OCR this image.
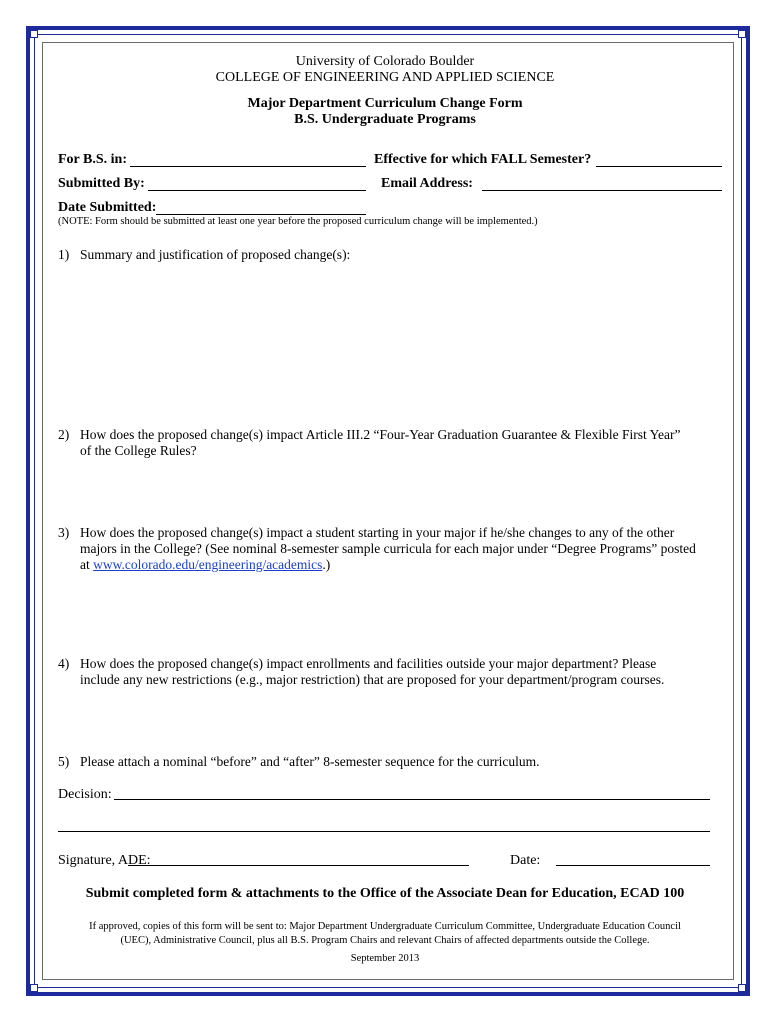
University of Colorado Boulder
COLLEGE OF ENGINEERING AND APPLIED SCIENCE
Major Department Curriculum Change Form
B.S. Undergraduate Programs
For B.S. in:	Effective for which FALL Semester?
Submitted By:	Email Address:
Date Submitted:
(NOTE: Form should be submitted at least one year before the proposed curriculum change will be implemented.)
1) Summary and justification of proposed change(s):
2) How does the proposed change(s) impact Article III.2 “Four-Year Graduation Guarantee & Flexible First Year”
of the College Rules?
3) How does the proposed change(s) impact a student starting in your major if he/she changes to any of the other
majors in the College? (See nominal 8-semester sample curricula for each major under “Degree Programs” posted
at www.colorado.edu/engineering/academics.)
4) How does the proposed change(s) impact enrollments and facilities outside your major department? Please
include any new restrictions (e.g., major restriction) that are proposed for your department/program courses.
5) Please attach a nominal “before” and “after” 8-semester sequence for the curriculum.
Decision:
Signature, ADE:	Date:
Submit completed form & attachments to the Office of the Associate Dean for Education, ECAD 100
If approved, copies of this form will be sent to: Major Department Undergraduate Curriculum Committee, Undergraduate Education Council
(UEC), Administrative Council, plus all B.S. Program Chairs and relevant Chairs of affected departments outside the College.
September 2013
